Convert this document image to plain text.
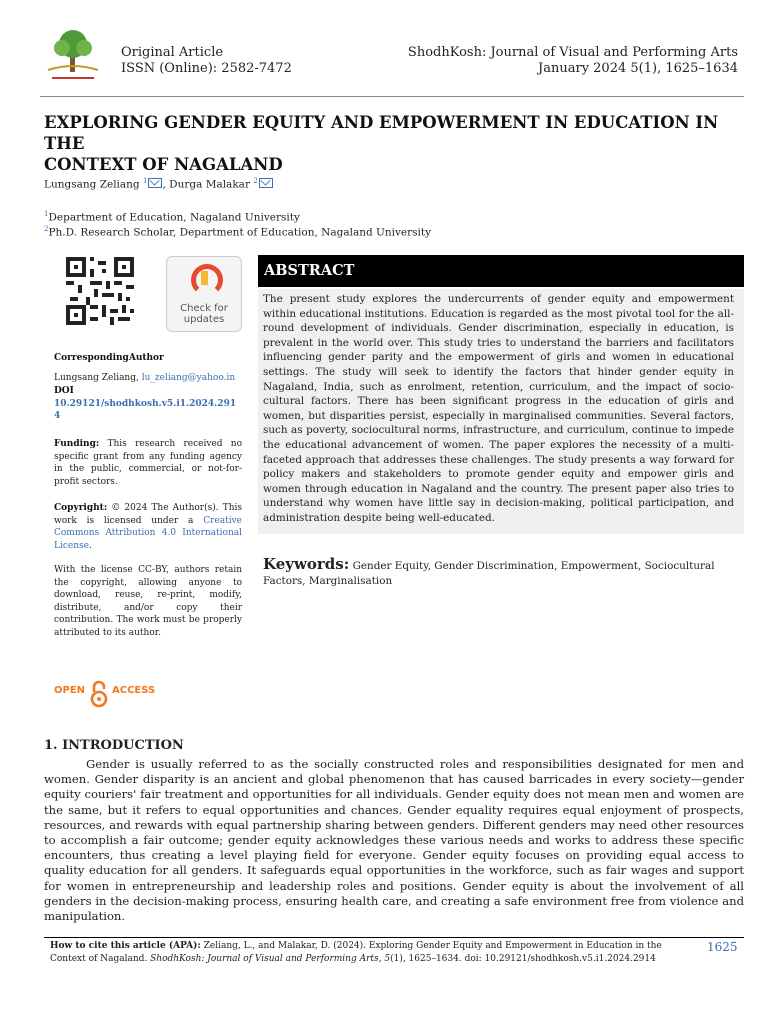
Original Article
ISSN (Online): 2582-7472
ShodhKosh: Journal of Visual and Performing Arts
January 2024 5(1), 1625–1634
EXPLORING GENDER EQUITY AND EMPOWERMENT IN EDUCATION IN THE
CONTEXT OF NAGALAND
Lungsang Zeliang $^1$ , Durga Malakar $^2$
$^1$Department of Education, Nagaland University
$^2$Ph.D. Research Scholar, Department of Education, Nagaland University
Check for
updates
CorrespondingAuthor
Lungsang Zeliang, lu_zeliang@yahoo.in
DOI
10.29121/shodhkosh.v5.i1.2024.291
4
Funding: This research received no specific grant from any funding agency in the public, commercial, or not-for-profit sectors.
Copyright: © 2024 The Author(s). This work is licensed under a Creative Commons Attribution 4.0 International License.
With the license CC-BY, authors retain the copyright, allowing anyone to download, reuse, re-print, modify, distribute, and/or copy their contribution. The work must be properly attributed to its author.
OPEN	ACCESS
ABSTRACT
The present study explores the undercurrents of gender equity and empowerment within educational institutions. Education is regarded as the most pivotal tool for the all-round development of individuals. Gender discrimination, especially in education, is prevalent in the world over. This study tries to understand the barriers and facilitators influencing gender parity and the empowerment of girls and women in educational settings. The study will seek to identify the factors that hinder gender equity in Nagaland, India, such as enrolment, retention, curriculum, and the impact of socio-cultural factors. There has been significant progress in the education of girls and women, but disparities persist, especially in marginalised communities. Several factors, such as poverty, sociocultural norms, infrastructure, and curriculum, continue to impede the educational advancement of women. The paper explores the necessity of a multi-faceted approach that addresses these challenges. The study presents a way forward for policy makers and stakeholders to promote gender equity and empower girls and women through education in Nagaland and the country. The present paper also tries to understand why women have little say in decision-making, political participation, and administration despite being well-educated.
Keywords: Gender Equity, Gender Discrimination, Empowerment, Sociocultural Factors, Marginalisation
1. INTRODUCTION
Gender is usually referred to as the socially constructed roles and responsibilities designated for men and women. Gender disparity is an ancient and global phenomenon that has caused barricades in every society—gender equity couriers' fair treatment and opportunities for all individuals. Gender equity does not mean men and women are the same, but it refers to equal opportunities and chances. Gender equality requires equal enjoyment of prospects, resources, and rewards with equal partnership sharing between genders. Different genders may need other resources to accomplish a fair outcome; gender equity acknowledges these various needs and works to address these specific encounters, thus creating a level playing field for everyone. Gender equity focuses on providing equal access to quality education for all genders. It safeguards equal opportunities in the workforce, such as fair wages and support for women in entrepreneurship and leadership roles and positions. Gender equity is about the involvement of all genders in the decision-making process, ensuring health care, and creating a safe environment free from violence and manipulation.
How to cite this article (APA): Zeliang, L., and Malakar, D. (2024). Exploring Gender Equity and Empowerment in Education in the Context of Nagaland. ShodhKosh: Journal of Visual and Performing Arts, 5(1), 1625–1634. doi: 10.29121/shodhkosh.v5.i1.2024.2914
1625
